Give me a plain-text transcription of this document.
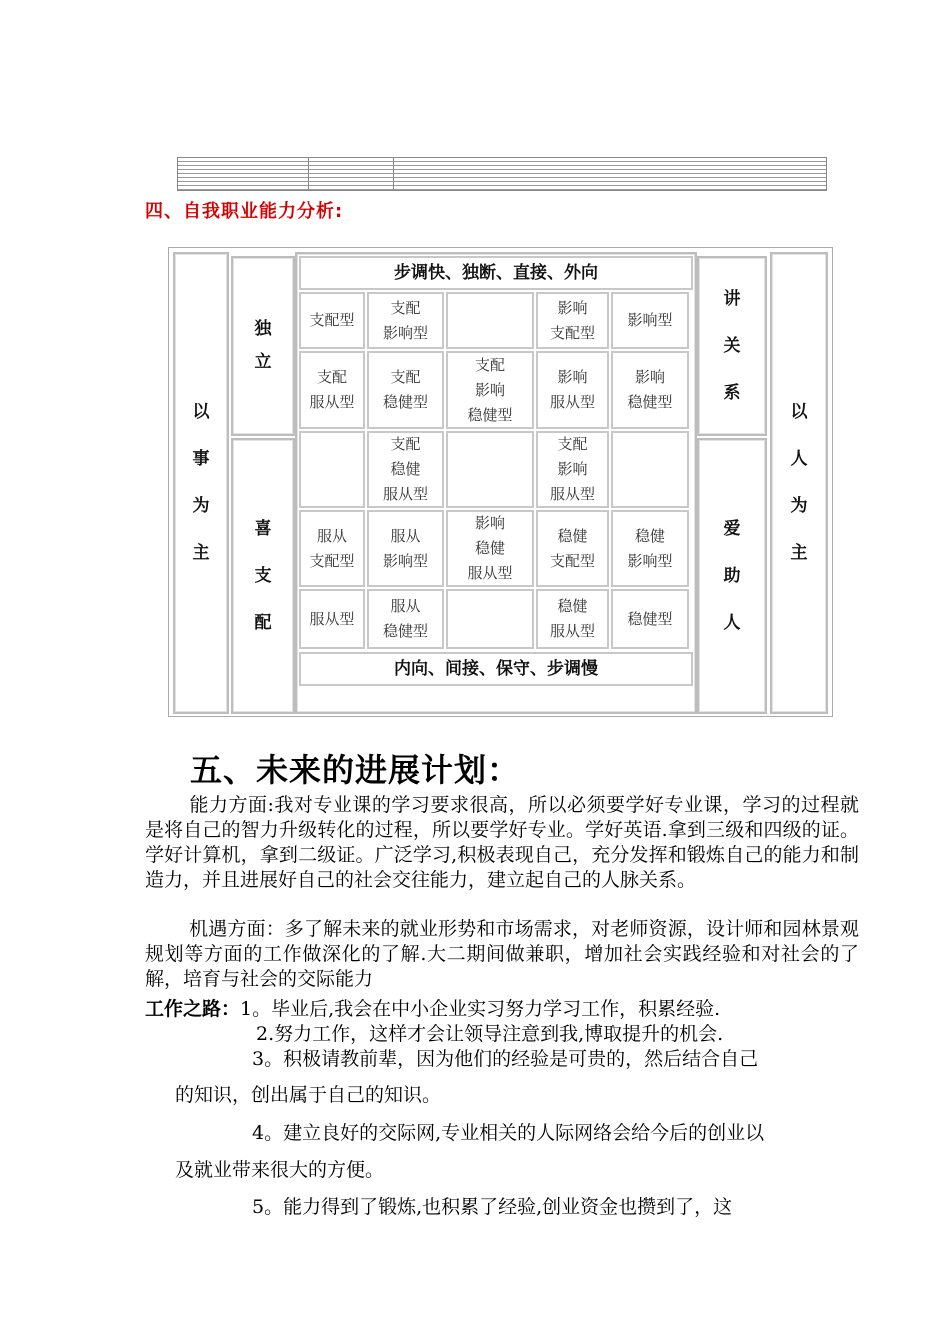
四、自我职业能力分析:
以
事
为
主
独
立
喜
支
配
讲
关
系
爱
助
人
以
人
为
主
步调快、独断、直接、外向
内向、间接、保守、步调慢
支配型
支配
影响型
影响
支配型
影响型
支配
服从型
支配
稳健型
支配
影响
稳健型
影响
服从型
影响
稳健型
支配
稳健
服从型
支配
影响
服从型
服从
支配型
服从
影响型
影响
稳健
服从型
稳健
支配型
稳健
影响型
服从型
服从
稳健型
稳健
服从型
稳健型
五、未来的进展计划：
能力方面:我对专业课的学习要求很高，所以必须要学好专业课，学习的过程就是将自己的智力升级转化的过程，所以要学好专业。学好英语.拿到三级和四级的证。学好计算机，拿到二级证。广泛学习,积极表现自己，充分发挥和锻炼自己的能力和制造力，并且进展好自己的社会交往能力，建立起自己的人脉关系。
机遇方面：多了解未来的就业形势和市场需求，对老师资源，设计师和园林景观规划等方面的工作做深化的了解.大二期间做兼职，增加社会实践经验和对社会的了解，培育与社会的交际能力
工作之路：1。毕业后,我会在中小企业实习努力学习工作，积累经验.
2.努力工作，这样才会让领导注意到我,博取提升的机会.
3。积极请教前辈，因为他们的经验是可贵的，然后结合自己
的知识，创出属于自己的知识。
4。建立良好的交际网,专业相关的人际网络会给今后的创业以
及就业带来很大的方便。
5。能力得到了锻炼,也积累了经验,创业资金也攒到了，这
